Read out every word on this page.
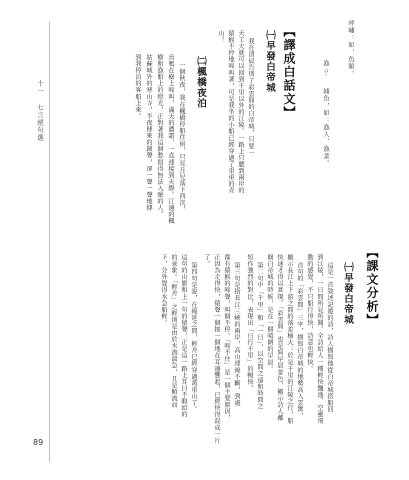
呼嘯：如，魚類。
漁ㄩˊ
捕魚，如：漁人、漁業。
【譯成白話文】
㈠早發白帝城
我在清晨告別了彩雲間的白帝城，只要一
天工夫就可以回到千里以外的江陵。一路上只聽到兩岸的
猿猴不停地啼叫著，可是我坐的小船已經穿過了重重的青
山！
㈡楓橋夜泊
一個秋夜，我在楓橋停船住宿，只見月兒落下西沉，
烏鴉在樹上啼叫，滿天的濃霜，一直連接到天際。江邊的楓
樹和漁船上的燈光，正對著我這個愁悶得無法入眠的人。
姑蘇城外的寒山寺，半夜傳來的鐘聲，卻一聲一聲地傳
到我停泊的客船上來。
【課文分析】
㈠早發白帝城
這是一首敘述記遊的詩，詩人描寫他從白帝城搭船回
到江陵，一日間所見所聞。全詩給人一種輕快飄逸、空靈飛
動的感覺，不只船行得快，詩意也輕快。
首句的「彩雲間」三字，描寫白帝城的地勢高入雲霄，
顯示長江上下游之間的落差極大；於是千里的江陵之行，船
快速才得以實現。「彩雲間」也是寫早晨景色，顯示詩人離
開白帝城的時候，是在一個晴朗的早晨。
第二句中「千里」和「一日」，以空間之遠和時間之
短作強烈的對比，表現出「日行千里」的暢快。
第三句是指長江三峽的兩岸，高山連綿不斷，到處
都有猿猴的啼聲，叫個不停。「啼不住」是一個主要原因，
正因為走得快，猿聲一個接一個地在耳邊響起，已經快得混成一片
了。
第四句是說，在綿延之間，輕舟已經穿過萬重山了。
這句的山影和上一句的猿聲，正是這一路上耳目不暇給的
的景象。「輕舟」之輕則是由於水流湍急，且是順流而
下，分外覺得水急船輕。
十一 七言絕句選
89
